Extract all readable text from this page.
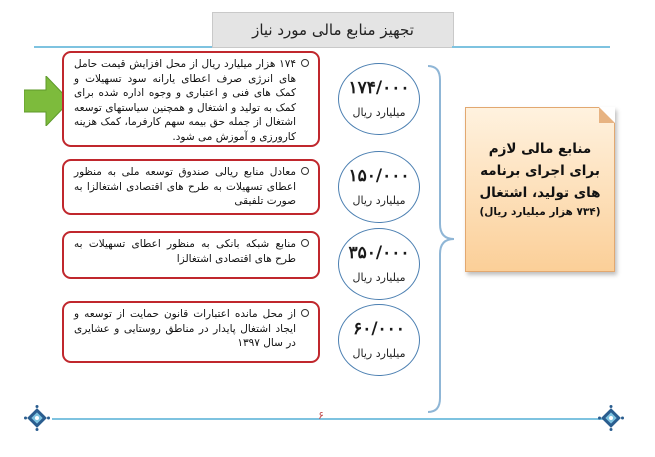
تجهیز منابع مالی مورد نیاز
۱۷۴ هزار میلیارد ریال از محل افزایش قیمت حامل های انرژی صرف اعطای یارانه سود تسهیلات و کمک های فنی و اعتباری و وجوه اداره شده برای کمک به تولید و اشتغال و همچنین سیاستهای توسعه اشتغال از جمله حق بیمه سهم کارفرما، کمک هزینه کارورزی و آموزش می شود.
۱۷۴/۰۰۰
میلیارد ریال
معادل منابع ریالی صندوق توسعه ملی به منظور اعطای تسهیلات به طرح های اقتصادی اشتغالزا به صورت تلفیقی
۱۵۰/۰۰۰
میلیارد ریال
منابع شبکه بانکی به منظور اعطای تسهیلات به طرح های اقتصادی اشتغالزا	۳۵۰/۰۰۰
میلیارد ریال
از محل مانده اعتبارات قانون حمایت از توسعه و ایجاد اشتغال پایدار در مناطق روستایی و عشایری در سال ۱۳۹۷
۶۰/۰۰۰
میلیارد ریال
منابع مالی لازم
برای اجرای برنامه
های تولید، اشتغال
(۷۳۴ هزار میلیارد ریال)
۶
